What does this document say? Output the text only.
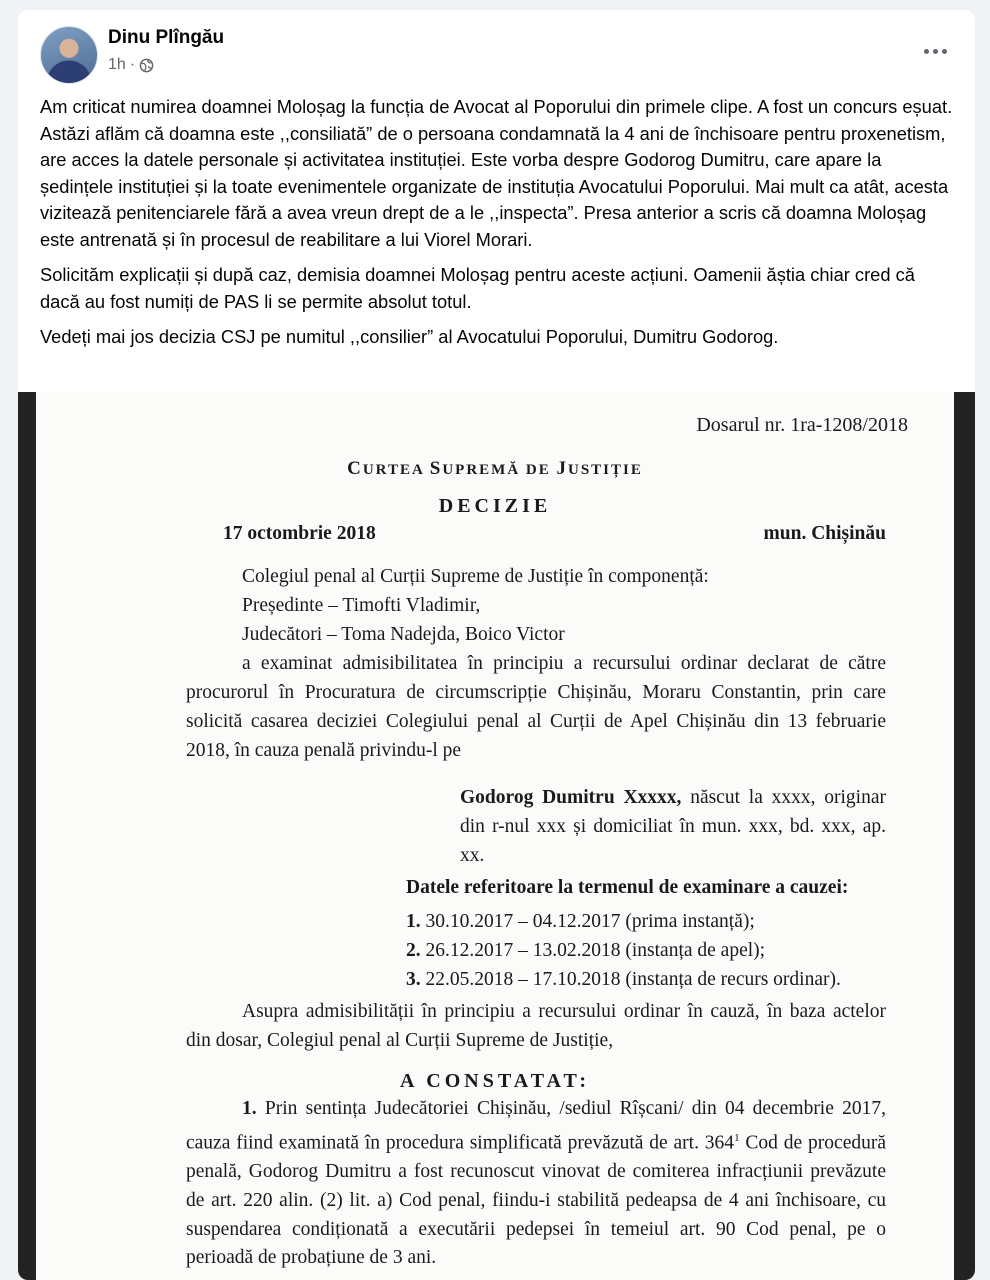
Dinu Plîngău
1h ·

Am criticat numirea doamnei Moloșag la funcția de Avocat al Poporului din primele clipe. A fost un concurs eșuat. Astăzi aflăm că doamna este ,,consiliată” de o persoana condamnată la 4 ani de închisoare pentru proxenetism, are acces la datele personale și activitatea instituției. Este vorba despre Godorog Dumitru, care apare la ședințele instituției și la toate evenimentele organizate de instituția Avocatului Poporului. Mai mult ca atât, acesta vizitează penitenciarele fără a avea vreun drept de a le ,,inspecta”. Presa anterior a scris că doamna Moloșag este antrenată și în procesul de reabilitare a lui Viorel Morari.

Solicităm explicații și după caz, demisia doamnei Moloșag pentru aceste acțiuni. Oamenii ăștia chiar cred că dacă au fost numiți de PAS li se permite absolut totul.

Vedeți mai jos decizia CSJ pe numitul ,,consilier” al Avocatului Poporului, Dumitru Godorog.

Dosarul nr. 1ra-1208/2018
CURTEA SUPREMĂ DE JUSTIȚIE
DECIZIE
17 octombrie 2018	mun. Chișinău
Colegiul penal al Curții Supreme de Justiție în componență:
Președinte – Timofti Vladimir,
Judecători – Toma Nadejda, Boico Victor
a examinat admisibilitatea în principiu a recursului ordinar declarat de către
procurorul în Procuratura de circumscripție Chișinău, Moraru Constantin, prin care solicită casarea deciziei Colegiului penal al Curții de Apel Chișinău din 13 februarie 2018, în cauza penală privindu-l pe
Godorog Dumitru Xxxxx, născut la xxxx, originar din r-nul xxx și domiciliat în mun. xxx, bd. xxx, ap. xx.
Datele referitoare la termenul de examinare a cauzei:
1. 30.10.2017 – 04.12.2017 (prima instanță);
2. 26.12.2017 – 13.02.2018 (instanța de apel);
3. 22.05.2018 – 17.10.2018 (instanța de recurs ordinar).
Asupra admisibilității în principiu a recursului ordinar în cauză, în baza actelor din dosar, Colegiul penal al Curții Supreme de Justiție,
A CONSTATAT:
1. Prin sentința Judecătoriei Chișinău, /sediul Rîșcani/ din 04 decembrie 2017, cauza fiind examinată în procedura simplificată prevăzută de art. $364^1$ Cod de procedură penală, Godorog Dumitru a fost recunoscut vinovat de comiterea infracțiunii prevăzute de art. 220 alin. (2) lit. a) Cod penal, fiindu-i stabilită pedeapsa de 4 ani închisoare, cu suspendarea condiționată a executării pedepsei în temeiul art. 90 Cod penal, pe o perioadă de probațiune de 3 ani.
